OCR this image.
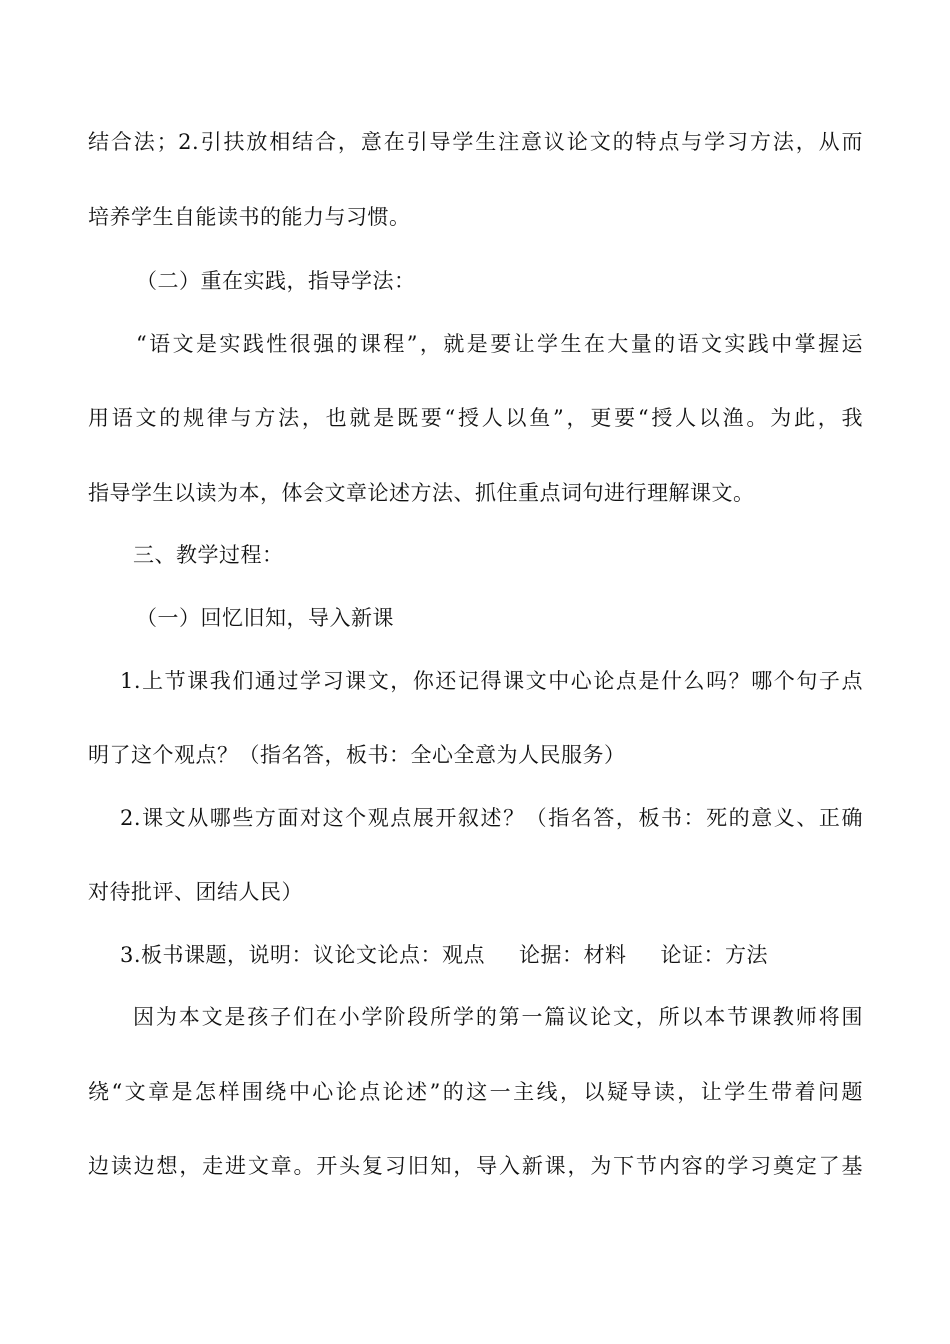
结合法；2.引扶放相结合，意在引导学生注意议论文的特点与学习方法，从而
培养学生自能读书的能力与习惯。
（二）重在实践，指导学法：
“语文是实践性很强的课程”，就是要让学生在大量的语文实践中掌握运
用语文的规律与方法，也就是既要“授人以鱼”，更要“授人以渔。为此，我
指导学生以读为本，体会文章论述方法、抓住重点词句进行理解课文。
三、教学过程：
（一）回忆旧知，导入新课
1.上节课我们通过学习课文，你还记得课文中心论点是什么吗？哪个句子点
明了这个观点？（指名答，板书：全心全意为人民服务）
2.课文从哪些方面对这个观点展开叙述？（指名答，板书：死的意义、正确
对待批评、团结人民）
3.板书课题，说明：议论文论点：观点 论据：材料 论证：方法
因为本文是孩子们在小学阶段所学的第一篇议论文，所以本节课教师将围
绕“文章是怎样围绕中心论点论述”的这一主线，以疑导读，让学生带着问题
边读边想，走进文章。开头复习旧知，导入新课，为下节内容的学习奠定了基
